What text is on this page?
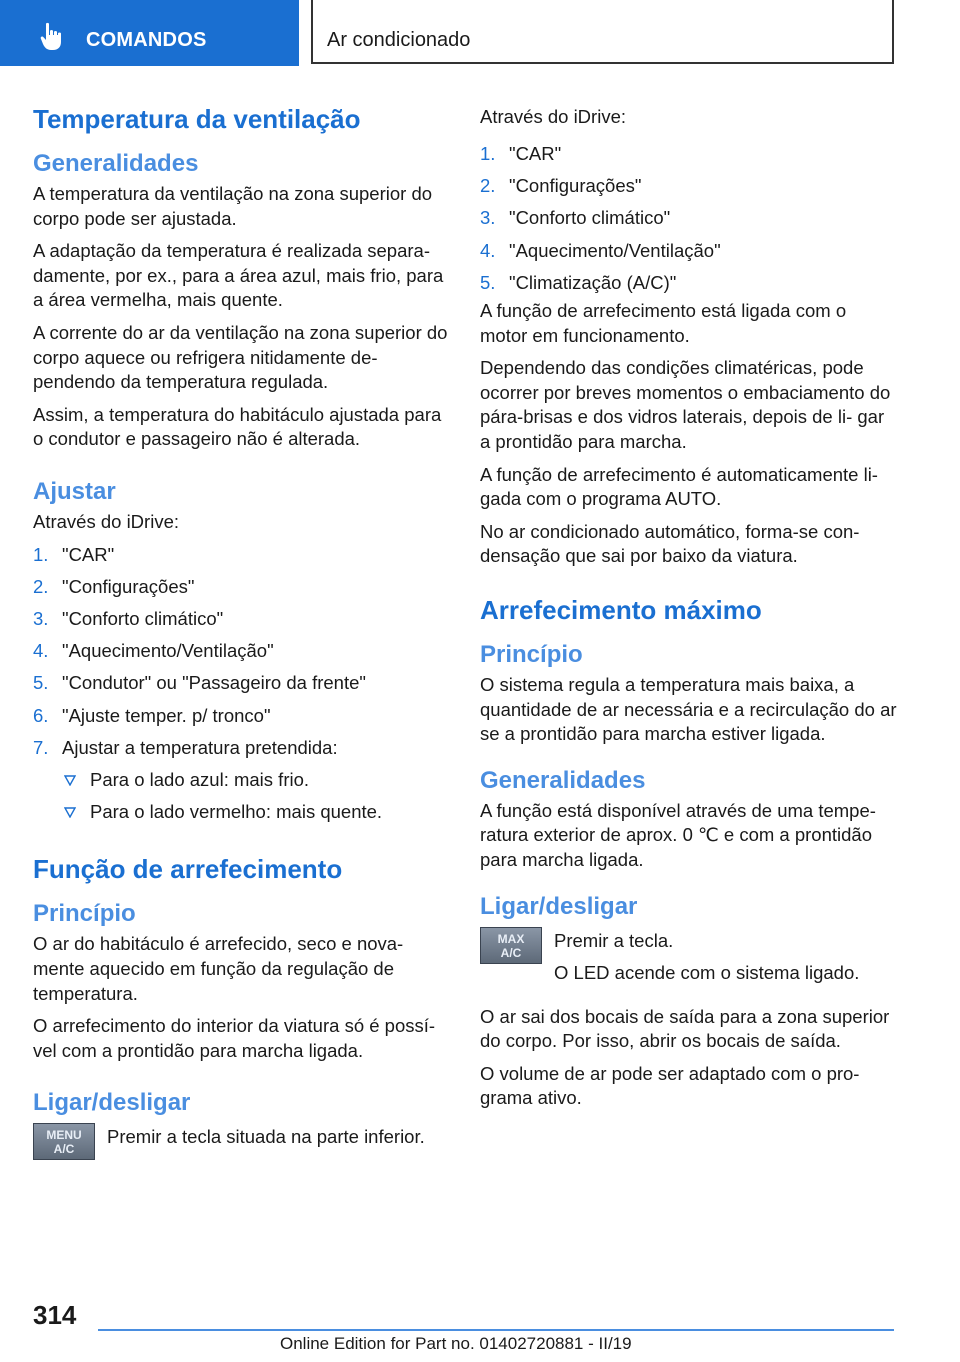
COMANDOS	Ar condicionado
Temperatura da ventilação
Generalidades

A temperatura da ventilação na zona superior do corpo pode ser ajustada.

A adaptação da temperatura é realizada separa- damente, por ex., para a área azul, mais frio, para a área vermelha, mais quente.

A corrente do ar da ventilação na zona superior do corpo aquece ou refrigera nitidamente de- pendendo da temperatura regulada.

Assim, a temperatura do habitáculo ajustada para o condutor e passageiro não é alterada.

Ajustar

Através do iDrive:

1. "CAR"
2. "Configurações"
3. "Conforto climático"
4. "Aquecimento/Ventilação"
5. "Condutor" ou "Passageiro da frente"
6. "Ajuste temper. p/ tronco"
7. Ajustar a temperatura pretendida:
Para o lado azul: mais frio.
Para o lado vermelho: mais quente.
Função de arrefecimento
Princípio

O ar do habitáculo é arrefecido, seco e nova- mente aquecido em função da regulação de temperatura.

O arrefecimento do interior da viatura só é possí- vel com a prontidão para marcha ligada.

Ligar/desligar
MENU
A/C

Premir a tecla situada na parte inferior.

Através do iDrive:

1. "CAR"
2. "Configurações"
3. "Conforto climático"
4. "Aquecimento/Ventilação"
5. "Climatização (A/C)"

A função de arrefecimento está ligada com o motor em funcionamento.

Dependendo das condições climatéricas, pode ocorrer por breves momentos o embaciamento do pára-brisas e dos vidros laterais, depois de li- gar a prontidão para marcha.

A função de arrefecimento é automaticamente li- gada com o programa AUTO.

No ar condicionado automático, forma-se con- densação que sai por baixo da viatura.

Arrefecimento máximo
Princípio

O sistema regula a temperatura mais baixa, a quantidade de ar necessária e a recirculação do ar se a prontidão para marcha estiver ligada.

Generalidades

A função está disponível através de uma tempe- ratura exterior de aprox. 0 ℃ e com a prontidão para marcha ligada.

Ligar/desligar
MAX
A/C

Premir a tecla.

O LED acende com o sistema ligado.

O ar sai dos bocais de saída para a zona superior do corpo. Por isso, abrir os bocais de saída.

O volume de ar pode ser adaptado com o pro- grama ativo.

314
Online Edition for Part no. 01402720881 - II/19
